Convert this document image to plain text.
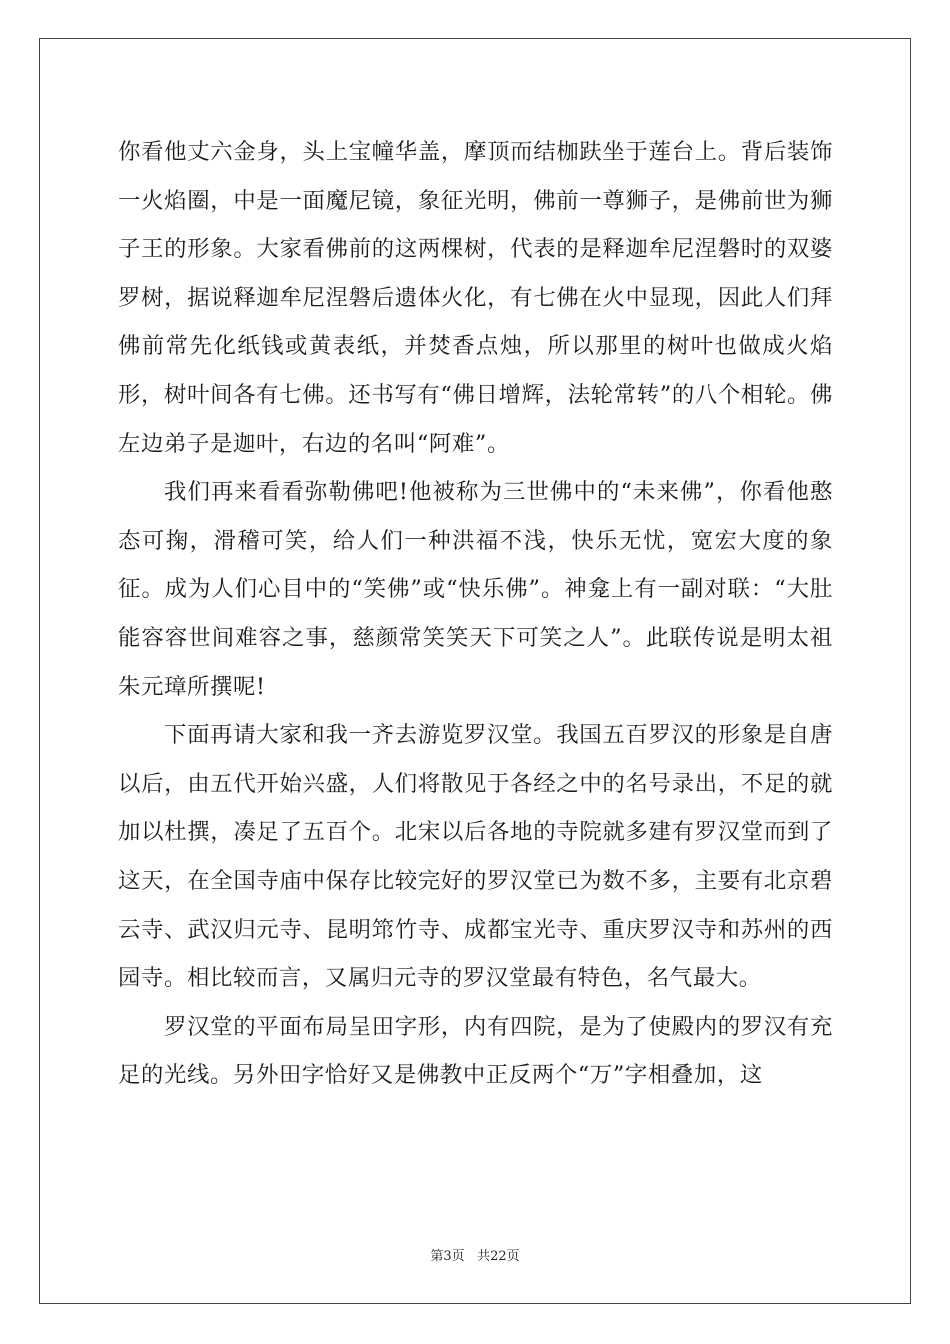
你看他丈六金身，头上宝幢华盖，摩顶而结枷趺坐于莲台上。背后装饰一火焰圈，中是一面魔尼镜，象征光明，佛前一尊狮子，是佛前世为狮子王的形象。大家看佛前的这两棵树，代表的是释迦牟尼涅磐时的双婆罗树，据说释迦牟尼涅磐后遗体火化，有七佛在火中显现，因此人们拜佛前常先化纸钱或黄表纸，并焚香点烛，所以那里的树叶也做成火焰形，树叶间各有七佛。还书写有“佛日增辉，法轮常转”的八个相轮。佛左边弟子是迦叶，右边的名叫“阿难”。

我们再来看看弥勒佛吧!他被称为三世佛中的“未来佛”，你看他憨态可掬，滑稽可笑，给人们一种洪福不浅，快乐无忧，宽宏大度的象征。成为人们心目中的“笑佛”或“快乐佛”。神龛上有一副对联：“大肚能容容世间难容之事，慈颜常笑笑天下可笑之人”。此联传说是明太祖朱元璋所撰呢!

下面再请大家和我一齐去游览罗汉堂。我国五百罗汉的形象是自唐以后，由五代开始兴盛，人们将散见于各经之中的名号录出，不足的就加以杜撰，凑足了五百个。北宋以后各地的寺院就多建有罗汉堂而到了这天，在全国寺庙中保存比较完好的罗汉堂已为数不多，主要有北京碧云寺、武汉归元寺、昆明筇竹寺、成都宝光寺、重庆罗汉寺和苏州的西园寺。相比较而言，又属归元寺的罗汉堂最有特色，名气最大。

罗汉堂的平面布局呈田字形，内有四院，是为了使殿内的罗汉有充足的光线。另外田字恰好又是佛教中正反两个“万”字相叠加，这

第3页 共22页
